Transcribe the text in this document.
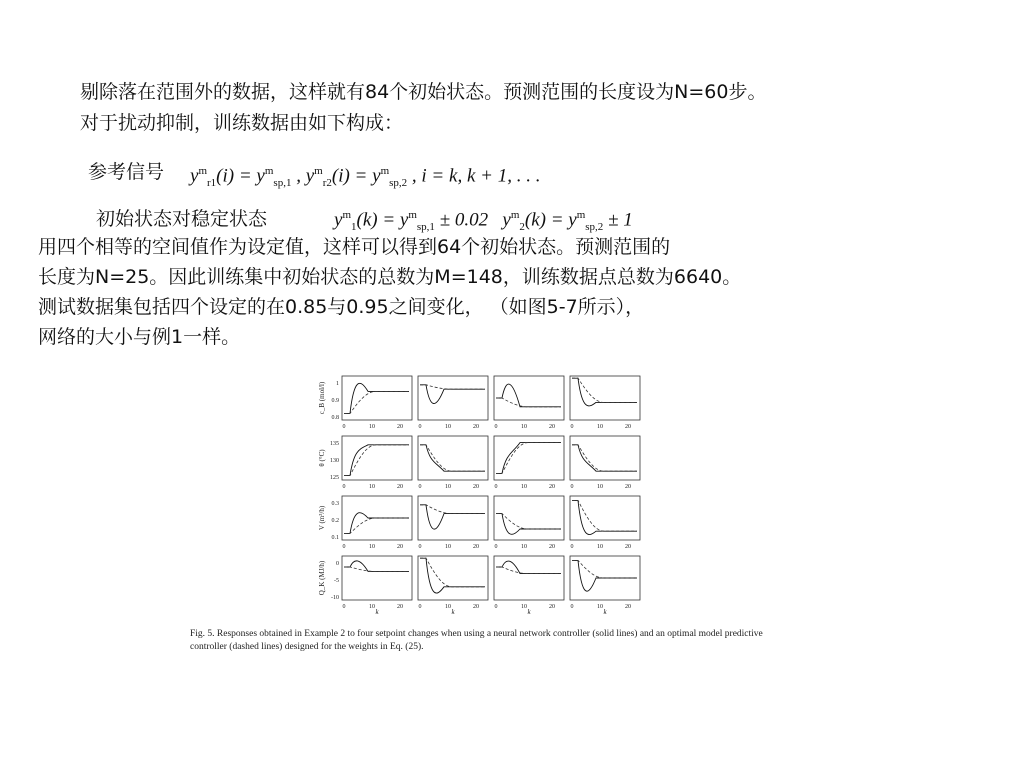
剔除落在范围外的数据，这样就有84个初始状态。预测范围的长度设为N=60步。
对于扰动抑制，训练数据由如下构成：
参考信号 $y^m_{r1}(i) = y^m_{sp,1}$ , $y^m_{r2}(i) = y^m_{sp,2}$ , i = k, k + 1, . . .
初始状态对稳定状态	$y^m_1(k) = y^m_{sp,1} \pm 0.02$   $y^m_2(k) = y^m_{sp,2} \pm 1$
用四个相等的空间值作为设定值，这样可以得到64个初始状态。预测范围的
长度为N=25。因此训练集中初始状态的总数为M=148，训练数据点总数为6640。
测试数据集包括四个设定的在0.85与0.95之间变化， （如图5-7所示），
网络的大小与例1一样。
c_B (mol/l) 1
0.9
0.8
0	10	20	0	10	20	0	10	20	0	10	20
θ (°C)
135
130
125
0	10	20	0	10	20	0	10	20	0	10	20
V (m³/h)
0.3
0.2
0.1
0	10	20	0	10	20	0	10	20	0	10	20
Q_K (MJ/h) 0
-5
-10
0	10	20	0	10	20	0	10	20	0	10	20
k	k	k	k
Fig. 5. Responses obtained in Example 2 to four setpoint changes when using a neural network controller (solid lines) and an optimal model predictive
controller (dashed lines) designed for the weights in Eq. (25).
